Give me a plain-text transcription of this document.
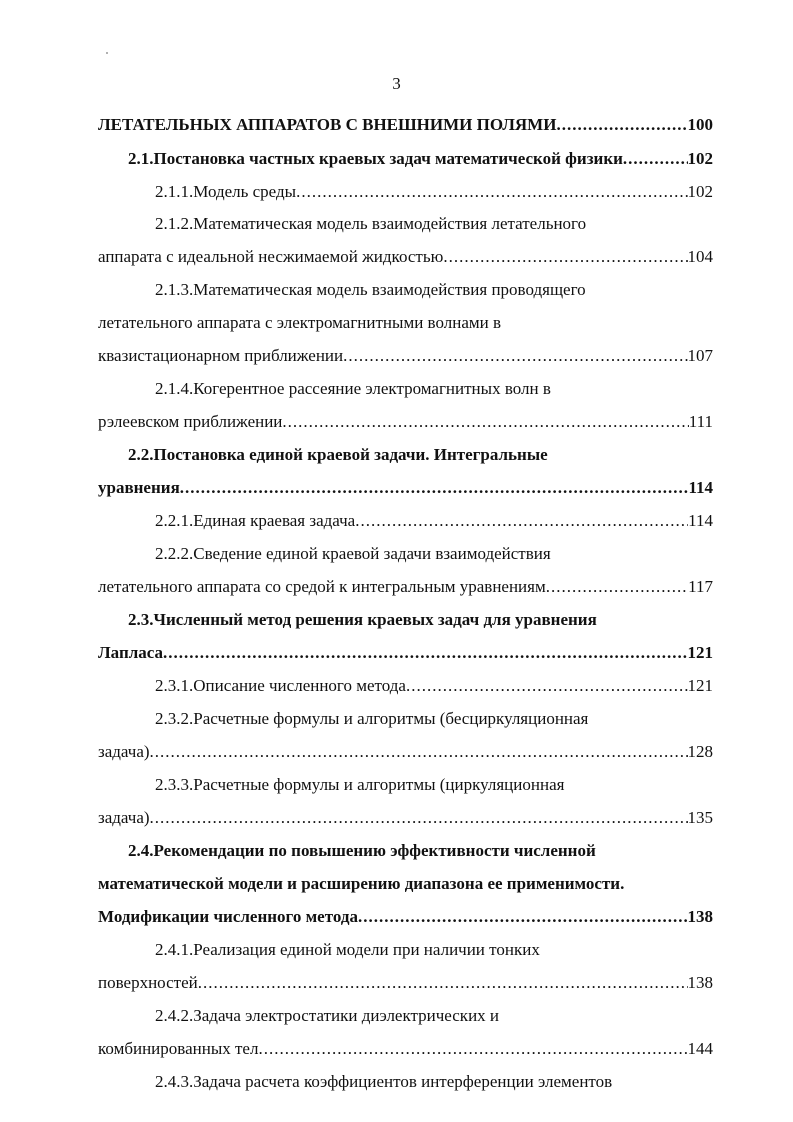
3
ЛЕТАТЕЛЬНЫХ АППАРАТОВ С ВНЕШНИМИ ПОЛЯМИ .....	100
2.1.Постановка частных краевых задач математической физики .....	102
2.1.1.Модель среды .....	102
2.1.2.Математическая модель взаимодействия летательного
аппарата с идеальной несжимаемой жидкостью .....	104
2.1.3.Математическая модель взаимодействия проводящего
летательного аппарата с электромагнитными волнами в
квазистационарном приближении .....	107
2.1.4.Когерентное рассеяние электромагнитных волн в
рэлеевском приближении .....	111
2.2.Постановка единой краевой задачи. Интегральные
уравнения .....	114
2.2.1.Единая краевая задача .....	114
2.2.2.Сведение единой краевой задачи взаимодействия
летательного аппарата со средой к интегральным уравнениям .....	117
2.3.Численный метод решения краевых задач для уравнения
Лапласа .....	121
2.3.1.Описание численного метода .....	121
2.3.2.Расчетные формулы и алгоритмы (бесциркуляционная
задача) .....	128
2.3.3.Расчетные формулы и алгоритмы (циркуляционная
задача) .....	135
2.4.Рекомендации по повышению эффективности численной
математической модели и расширению диапазона ее применимости.
Модификации численного метода .....	138
2.4.1.Реализация единой модели при наличии тонких
поверхностей .....	138
2.4.2.Задача электростатики диэлектрических и
комбинированных тел .....	144
2.4.3.Задача расчета коэффициентов интерференции элементов
